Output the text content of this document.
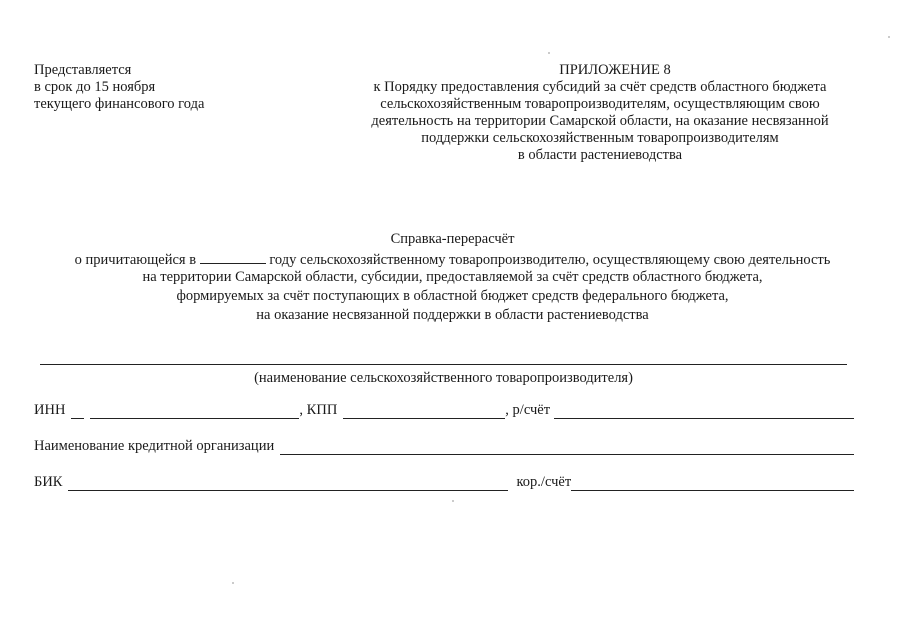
Представляется
в срок до 15 ноября
текущего финансового года
ПРИЛОЖЕНИЕ 8
к Порядку предоставления субсидий за счёт средств областного бюджета
сельскохозяйственным товаропроизводителям, осуществляющим свою
деятельность на территории Самарской области, на оказание несвязанной
поддержки сельскохозяйственным товаропроизводителям
в области растениеводства
Справка-перерасчёт
о причитающейся в	году сельскохозяйственному товаропроизводителю, осуществляющему свою деятельность
на территории Самарской области, субсидии, предоставляемой за счёт средств областного бюджета,
формируемых за счёт поступающих в областной бюджет средств федерального бюджета,
на оказание несвязанной поддержки в области растениеводства
(наименование сельскохозяйственного товаропроизводителя)
ИНН	, КПП	, р/счёт
Наименование кредитной организации
БИК	кор./счёт
